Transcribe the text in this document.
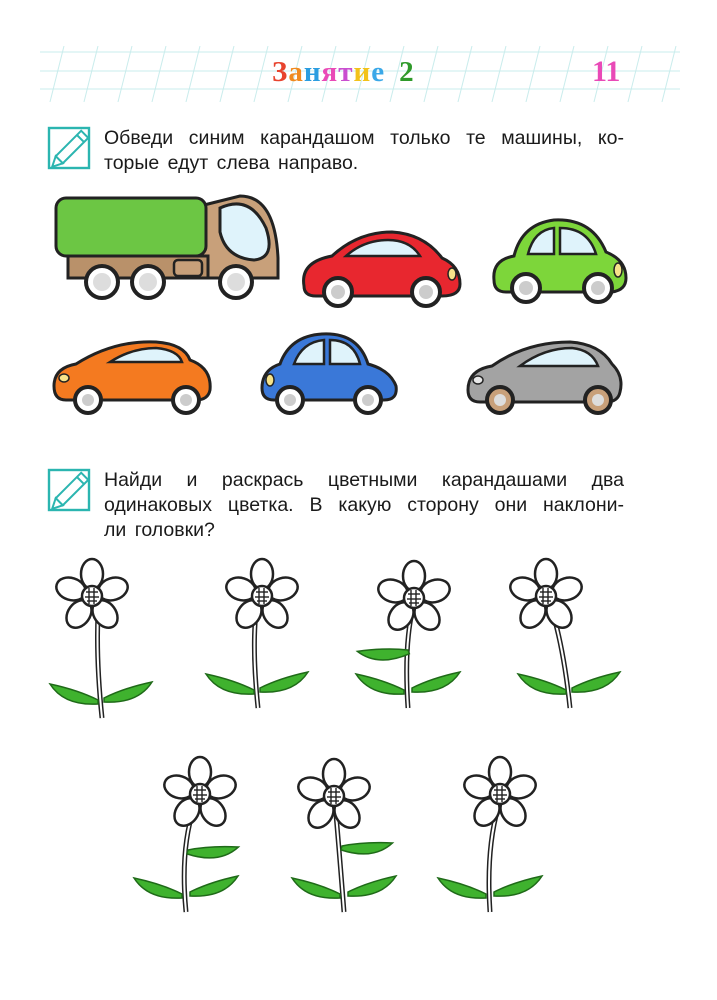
Занятие 2	11
Обведи синим карандашом только те машины, ко-
торые едут слева направо.
Найди и раскрась цветными карандашами два
одинаковых цветка. В какую сторону они наклони-
ли головки?
